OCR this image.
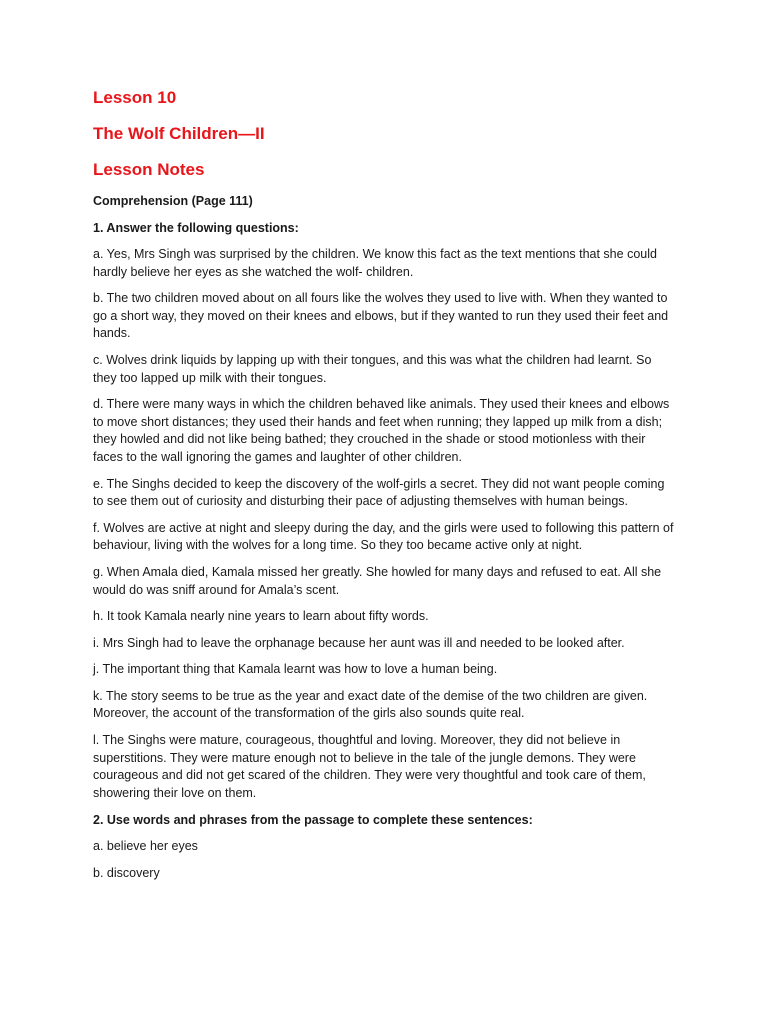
Lesson 10
The Wolf Children—II
Lesson Notes
Comprehension (Page 111)
1. Answer the following questions:
a. Yes, Mrs Singh was surprised by the children. We know this fact as the text mentions that she could hardly believe her eyes as she watched the wolf- children.
b. The two children moved about on all fours like the wolves they used to live with. When they wanted to go a short way, they moved on their knees and elbows, but if they wanted to run they used their feet and hands.
c. Wolves drink liquids by lapping up with their tongues, and this was what the children had learnt. So they too lapped up milk with their tongues.
d. There were many ways in which the children behaved like animals. They used their knees and elbows to move short distances; they used their hands and feet when running; they lapped up milk from a dish; they howled and did not like being bathed; they crouched in the shade or stood motionless with their faces to the wall ignoring the games and laughter of other children.
e. The Singhs decided to keep the discovery of the wolf-girls a secret. They did not want people coming to see them out of curiosity and disturbing their pace of adjusting themselves with human beings.
f. Wolves are active at night and sleepy during the day, and the girls were used to following this pattern of behaviour, living with the wolves for a long time. So they too became active only at night.
g. When Amala died, Kamala missed her greatly. She howled for many days and refused to eat. All she would do was sniff around for Amala’s scent.
h. It took Kamala nearly nine years to learn about fifty words.
i. Mrs Singh had to leave the orphanage because her aunt was ill and needed to be looked after.
j. The important thing that Kamala learnt was how to love a human being.
k. The story seems to be true as the year and exact date of the demise of the two children are given. Moreover, the account of the transformation of the girls also sounds quite real.
l. The Singhs were mature, courageous, thoughtful and loving. Moreover, they did not believe in superstitions. They were mature enough not to believe in the tale of the jungle demons. They were courageous and did not get scared of the children. They were very thoughtful and took care of them, showering their love on them.
2. Use words and phrases from the passage to complete these sentences:
a. believe her eyes
b. discovery
